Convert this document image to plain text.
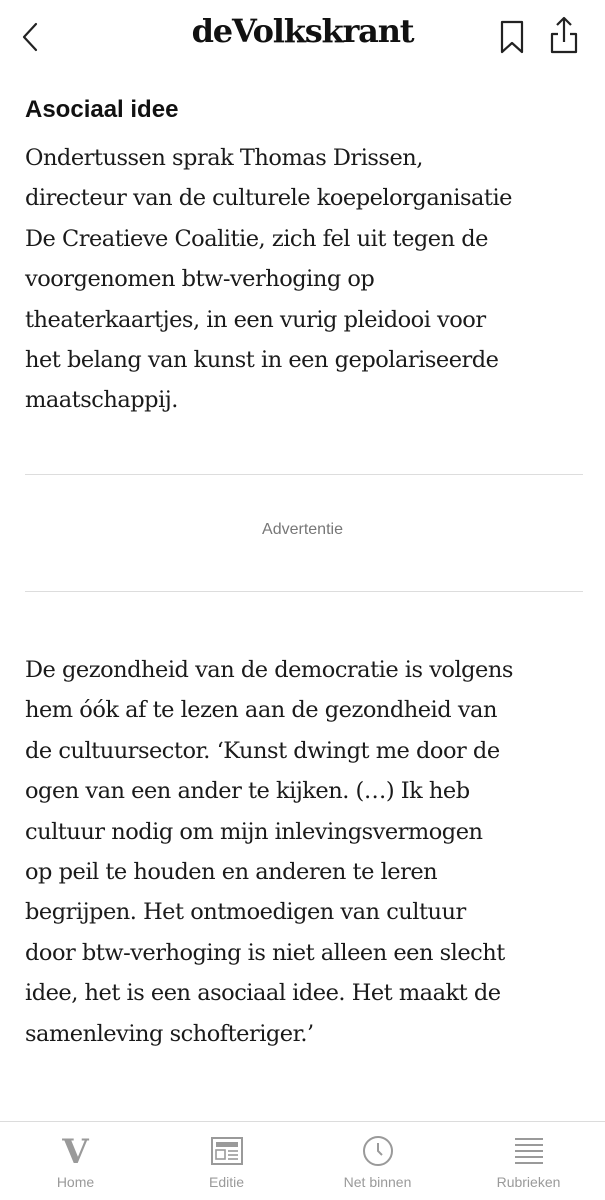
deVolkskrant
Asociaal idee
Ondertussen sprak Thomas Drissen,
directeur van de culturele koepelorganisatie
De Creatieve Coalitie, zich fel uit tegen de
voorgenomen btw-verhoging op
theaterkaartjes, in een vurig pleidooi voor
het belang van kunst in een gepolariseerde
maatschappij.
Advertentie
De gezondheid van de democratie is volgens
hem óók af te lezen aan de gezondheid van
de cultuursector. ‘Kunst dwingt me door de
ogen van een ander te kijken. (…) Ik heb
cultuur nodig om mijn inlevingsvermogen
op peil te houden en anderen te leren
begrijpen. Het ontmoedigen van cultuur
door btw-verhoging is niet alleen een slecht
idee, het is een asociaal idee. Het maakt de
samenleving schofteriger.’
V
Home	Editie	Net binnen	Rubrieken
